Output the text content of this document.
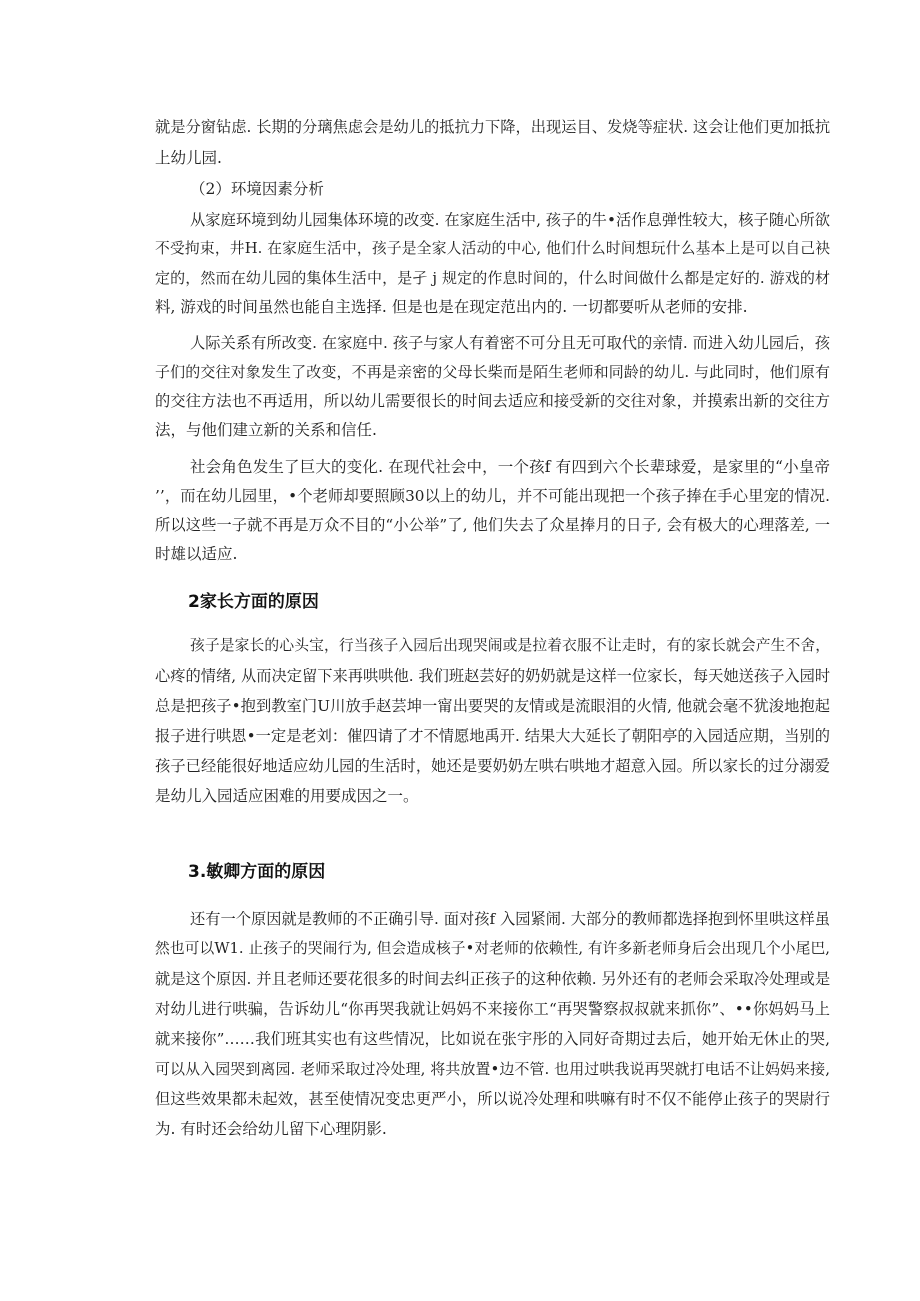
就是分窗钻虑. 长期的分璃焦虑会是幼儿的抵抗力下降，出现运目、发烧等症状. 这会让他们更加抵抗
上幼儿园.
（2）环境因素分析
从家庭环境到幼儿园集体环境的改变. 在家庭生活中, 孩子的牛•活作息弹性较大，核子随心所欲
不受拘束，井H. 在家庭生活中，孩子是全家人活动的中心, 他们什么时间想玩什么基本上是可以自己袂
定的，然而在幼儿园的集体生活中，是孑 j 规定的作息时间的，什么时间做什么都是定好的. 游戏的材
料, 游戏的时间虽然也能自主选择. 但是也是在现定范出内的. 一切都要听从老师的安排.
人际关系有所改变. 在家庭中. 孩子与家人有着密不可分且无可取代的亲情. 而进入幼儿园后，孩
子们的交往对象发生了改变，不再是亲密的父母长柴而是陌生老师和同龄的幼儿. 与此同时，他们原有
的交往方法也不再适用，所以幼儿需要很长的时间去适应和接受新的交往对象，并摸索出新的交往方
法，与他们建立新的关系和信任.
社会角色发生了巨大的变化. 在现代社会中，一个孩f 有四到六个长辈球爱，是家里的“小皇帝
’’，而在幼儿园里，•个老师却要照顾30以上的幼儿，并不可能出现把一个孩子捧在手心里宠的情况.
所以这些一子就不再是万众不目的“小公举”了, 他们失去了众星捧月的日子, 会有极大的心理落差, 一
时雄以适应.
2家长方面的原因
孩子是家长的心头宝，行当孩子入园后出现哭闹或是拉着衣服不让走时，有的家长就会产生不舍，
心疼的情绪, 从而决定留下来再哄哄他. 我们班赵芸好的奶奶就是这样一位家长，每天她送孩子入园时
总是把孩子•抱到教室门U川放手赵芸坤一甯出要哭的友情或是流眼泪的火情, 他就会毫不犹浚地抱起
报子进行哄恩•一定是老刘：催四请了才不情愿地禹开. 结果大大延长了朝阳亭的入园适应期，当别的
孩子已经能很好地适应幼儿园的生活时，她还是要奶奶左哄右哄地才超意入园。所以家长的过分溺爱
是幼儿入园适应困难的用要成因之一。
3.敏卿方面的原因
还有一个原因就是教师的不正确引导. 面对孩f 入园紧闹. 大部分的教师都选择抱到怀里哄这样虽
然也可以W1. 止孩子的哭闹行为, 但会造成核子•对老师的依赖性, 有许多新老师身后会出现几个小尾巴,
就是这个原因. 并且老师还要花很多的时间去纠正孩子的这种依赖. 另外还有的老师会采取冷处理或是
对幼儿进行哄骗，告诉幼儿“你再哭我就让妈妈不来接你工“再哭警察叔叔就来抓你”、••你妈妈马上
就来接你”……我们班其实也有这些情况，比如说在张宇彤的入同好奇期过去后，她开始无休止的哭,
可以从入园哭到离园. 老师采取过冷处理, 将共放置•边不管. 也用过哄我说再哭就打电话不让妈妈来接,
但这些效果都未起效，甚至使情况变忠更严小，所以说冷处理和哄嘛有时不仅不能停止孩子的哭尉行
为. 有时还会给幼儿留下心理阴影.
